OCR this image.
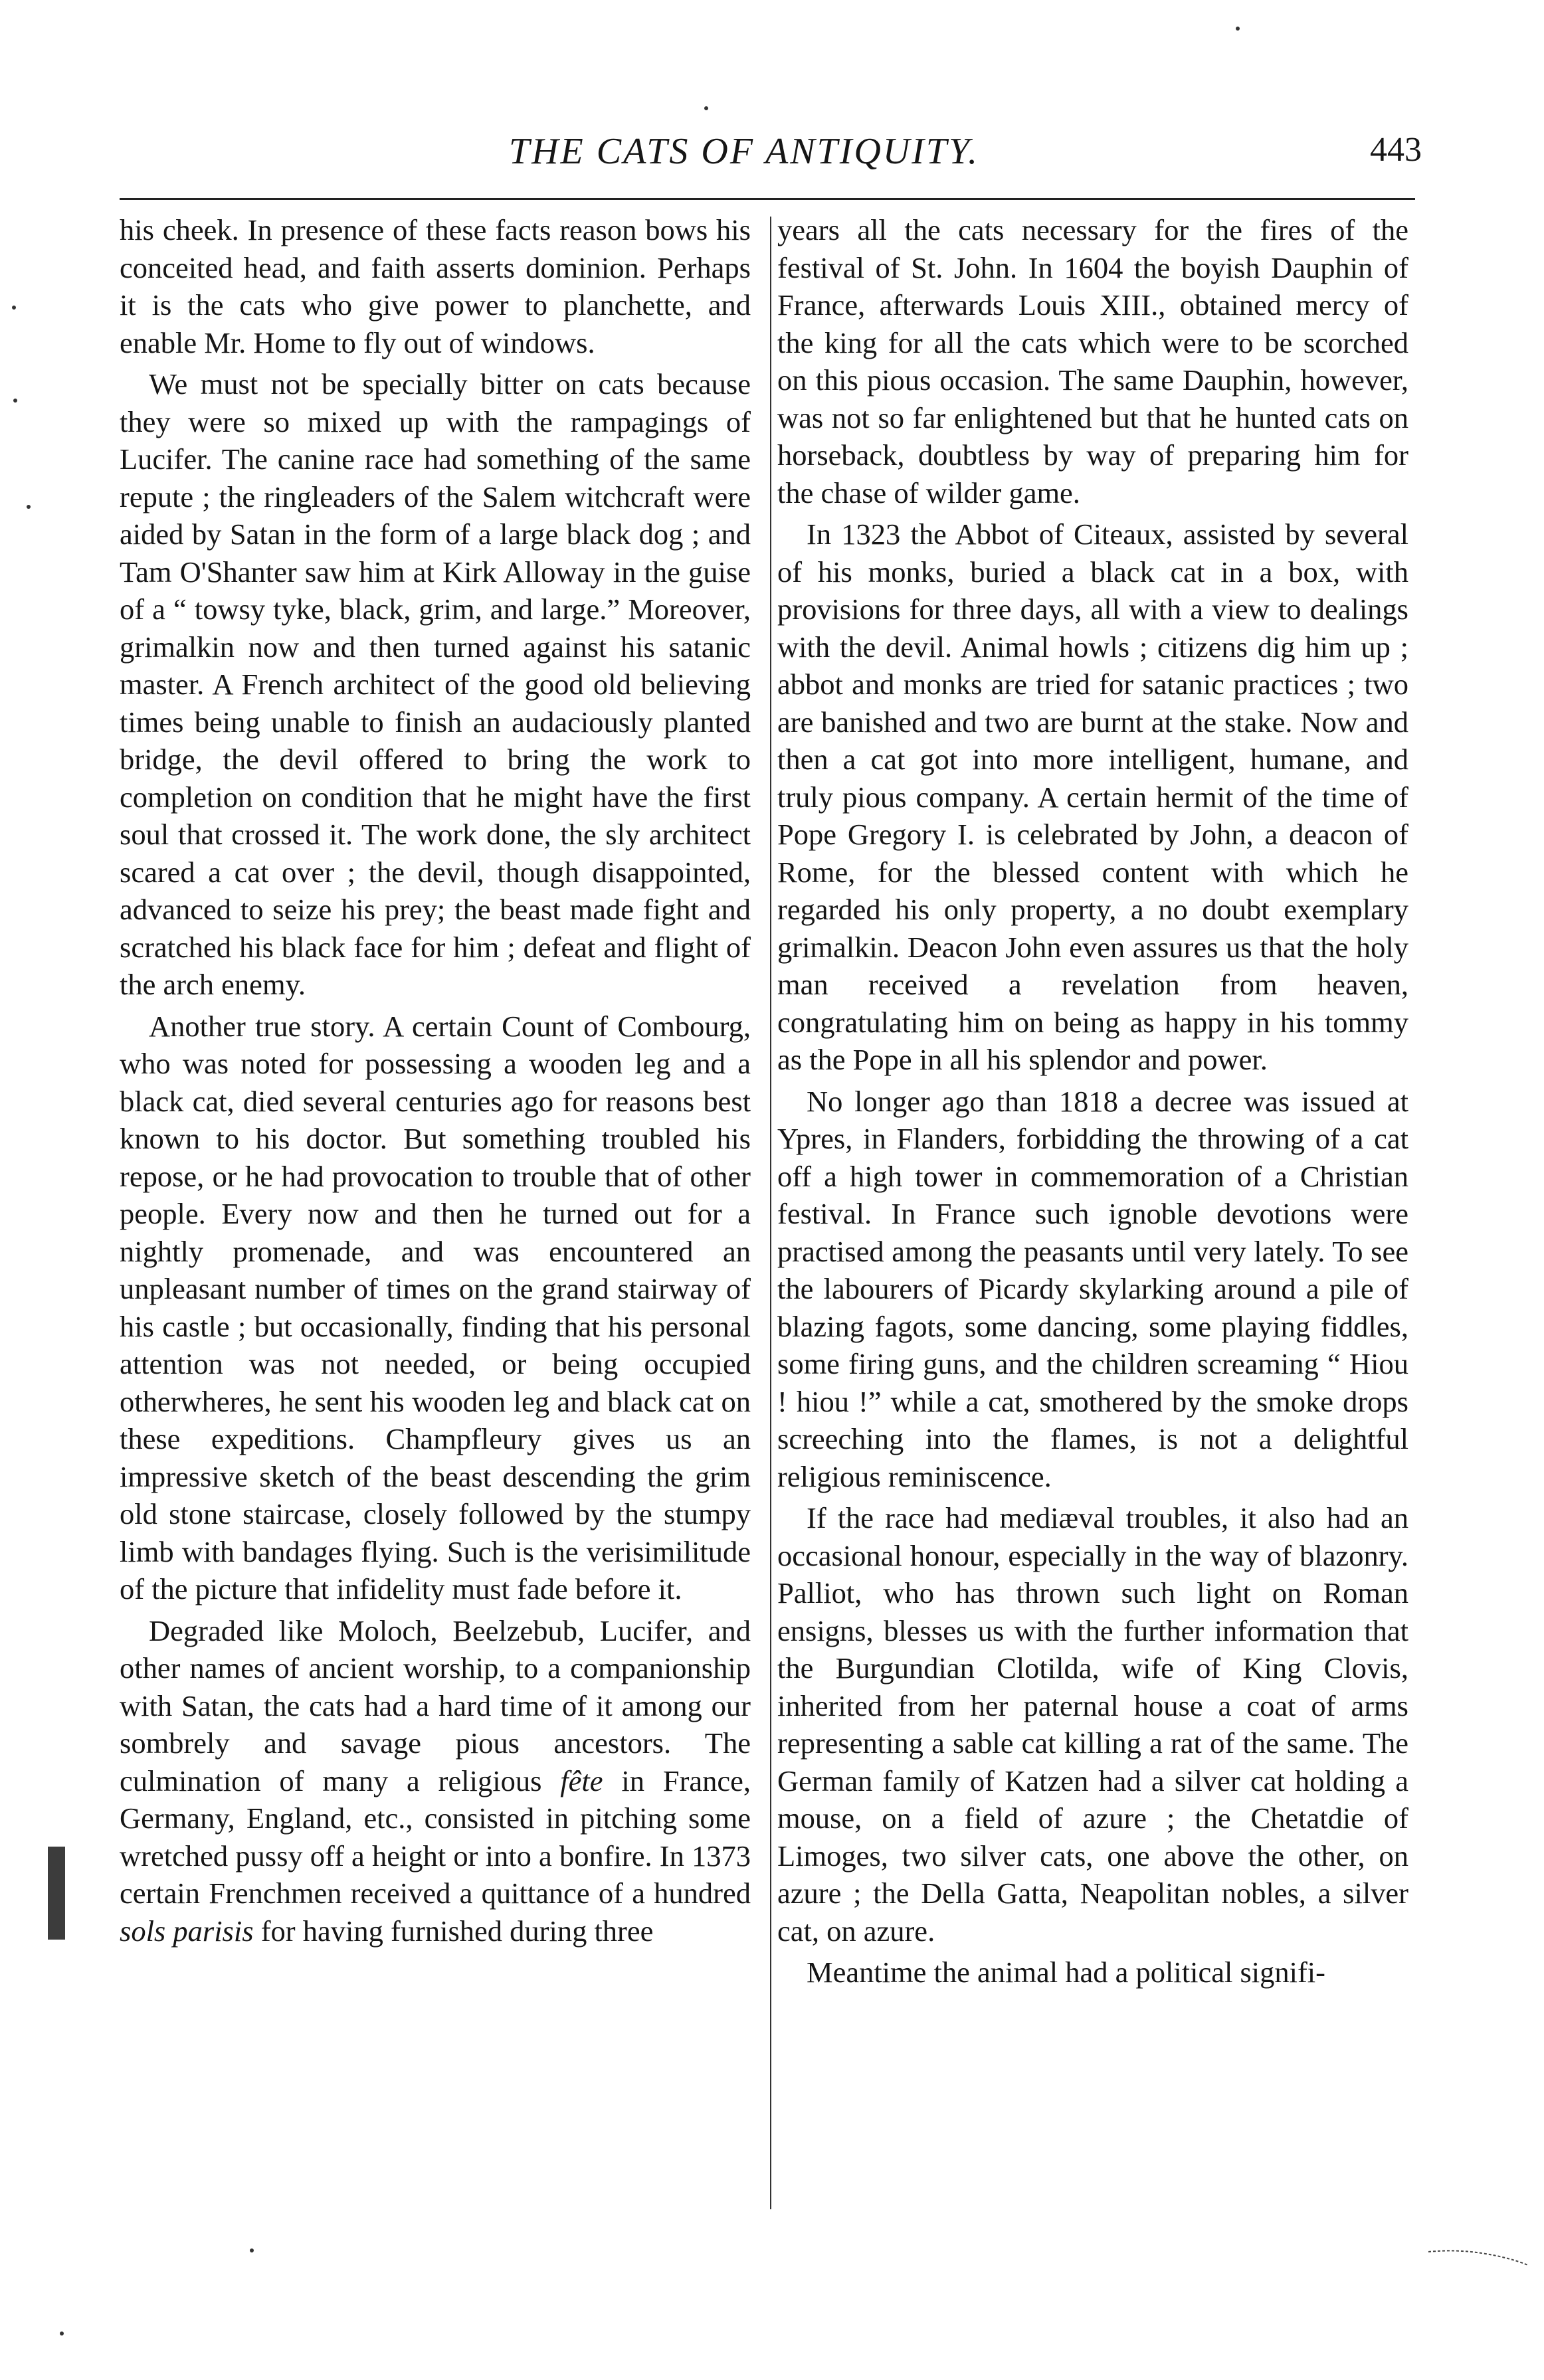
THE CATS OF ANTIQUITY.	443

his cheek. In presence of these facts reason bows his conceited head, and faith asserts dominion. Perhaps it is the cats who give power to planchette, and enable Mr. Home to fly out of windows.

We must not be specially bitter on cats because they were so mixed up with the rampagings of Lucifer. The canine race had something of the same repute ; the ringleaders of the Salem witchcraft were aided by Satan in the form of a large black dog ; and Tam O'Shanter saw him at Kirk Alloway in the guise of a “ towsy tyke, black, grim, and large.” Moreover, grimalkin now and then turned against his satanic master. A French architect of the good old believing times being unable to finish an audaciously planted bridge, the devil offered to bring the work to completion on condition that he might have the first soul that crossed it. The work done, the sly architect scared a cat over ; the devil, though disappointed, advanced to seize his prey; the beast made fight and scratched his black face for him ; defeat and flight of the arch enemy.

Another true story. A certain Count of Combourg, who was noted for possessing a wooden leg and a black cat, died several centuries ago for reasons best known to his doctor. But something troubled his repose, or he had provocation to trouble that of other people. Every now and then he turned out for a nightly promenade, and was encountered an unpleasant number of times on the grand stairway of his castle ; but occasionally, finding that his personal attention was not needed, or being occupied otherwheres, he sent his wooden leg and black cat on these expeditions. Champfleury gives us an impressive sketch of the beast descending the grim old stone staircase, closely followed by the stumpy limb with bandages flying. Such is the verisimilitude of the picture that infidelity must fade before it.

Degraded like Moloch, Beelzebub, Lucifer, and other names of ancient worship, to a companionship with Satan, the cats had a hard time of it among our sombrely and savage pious ancestors. The culmination of many a religious fête in France, Germany, England, etc., consisted in pitching some wretched pussy off a height or into a bonfire. In 1373 certain Frenchmen received a quittance of a hundred sols parisis for having furnished during three

years all the cats necessary for the fires of the festival of St. John. In 1604 the boyish Dauphin of France, afterwards Louis XIII., obtained mercy of the king for all the cats which were to be scorched on this pious occasion. The same Dauphin, however, was not so far enlightened but that he hunted cats on horseback, doubtless by way of preparing him for the chase of wilder game.

In 1323 the Abbot of Citeaux, assisted by several of his monks, buried a black cat in a box, with provisions for three days, all with a view to dealings with the devil. Animal howls ; citizens dig him up ; abbot and monks are tried for satanic practices ; two are banished and two are burnt at the stake. Now and then a cat got into more intelligent, humane, and truly pious company. A certain hermit of the time of Pope Gregory I. is celebrated by John, a deacon of Rome, for the blessed content with which he regarded his only property, a no doubt exemplary grimalkin. Deacon John even assures us that the holy man received a revelation from heaven, congratulating him on being as happy in his tommy as the Pope in all his splendor and power.

No longer ago than 1818 a decree was issued at Ypres, in Flanders, forbidding the throwing of a cat off a high tower in commemoration of a Christian festival. In France such ignoble devotions were practised among the peasants until very lately. To see the labourers of Picardy skylarking around a pile of blazing fagots, some dancing, some playing fiddles, some firing guns, and the children screaming “ Hiou ! hiou !” while a cat, smothered by the smoke drops screeching into the flames, is not a delightful religious reminiscence.

If the race had mediæval troubles, it also had an occasional honour, especially in the way of blazonry. Palliot, who has thrown such light on Roman ensigns, blesses us with the further information that the Burgundian Clotilda, wife of King Clovis, inherited from her paternal house a coat of arms representing a sable cat killing a rat of the same. The German family of Katzen had a silver cat holding a mouse, on a field of azure ; the Chetatdie of Limoges, two silver cats, one above the other, on azure ; the Della Gatta, Neapolitan nobles, a silver cat, on azure.

Meantime the animal had a political signifi-
